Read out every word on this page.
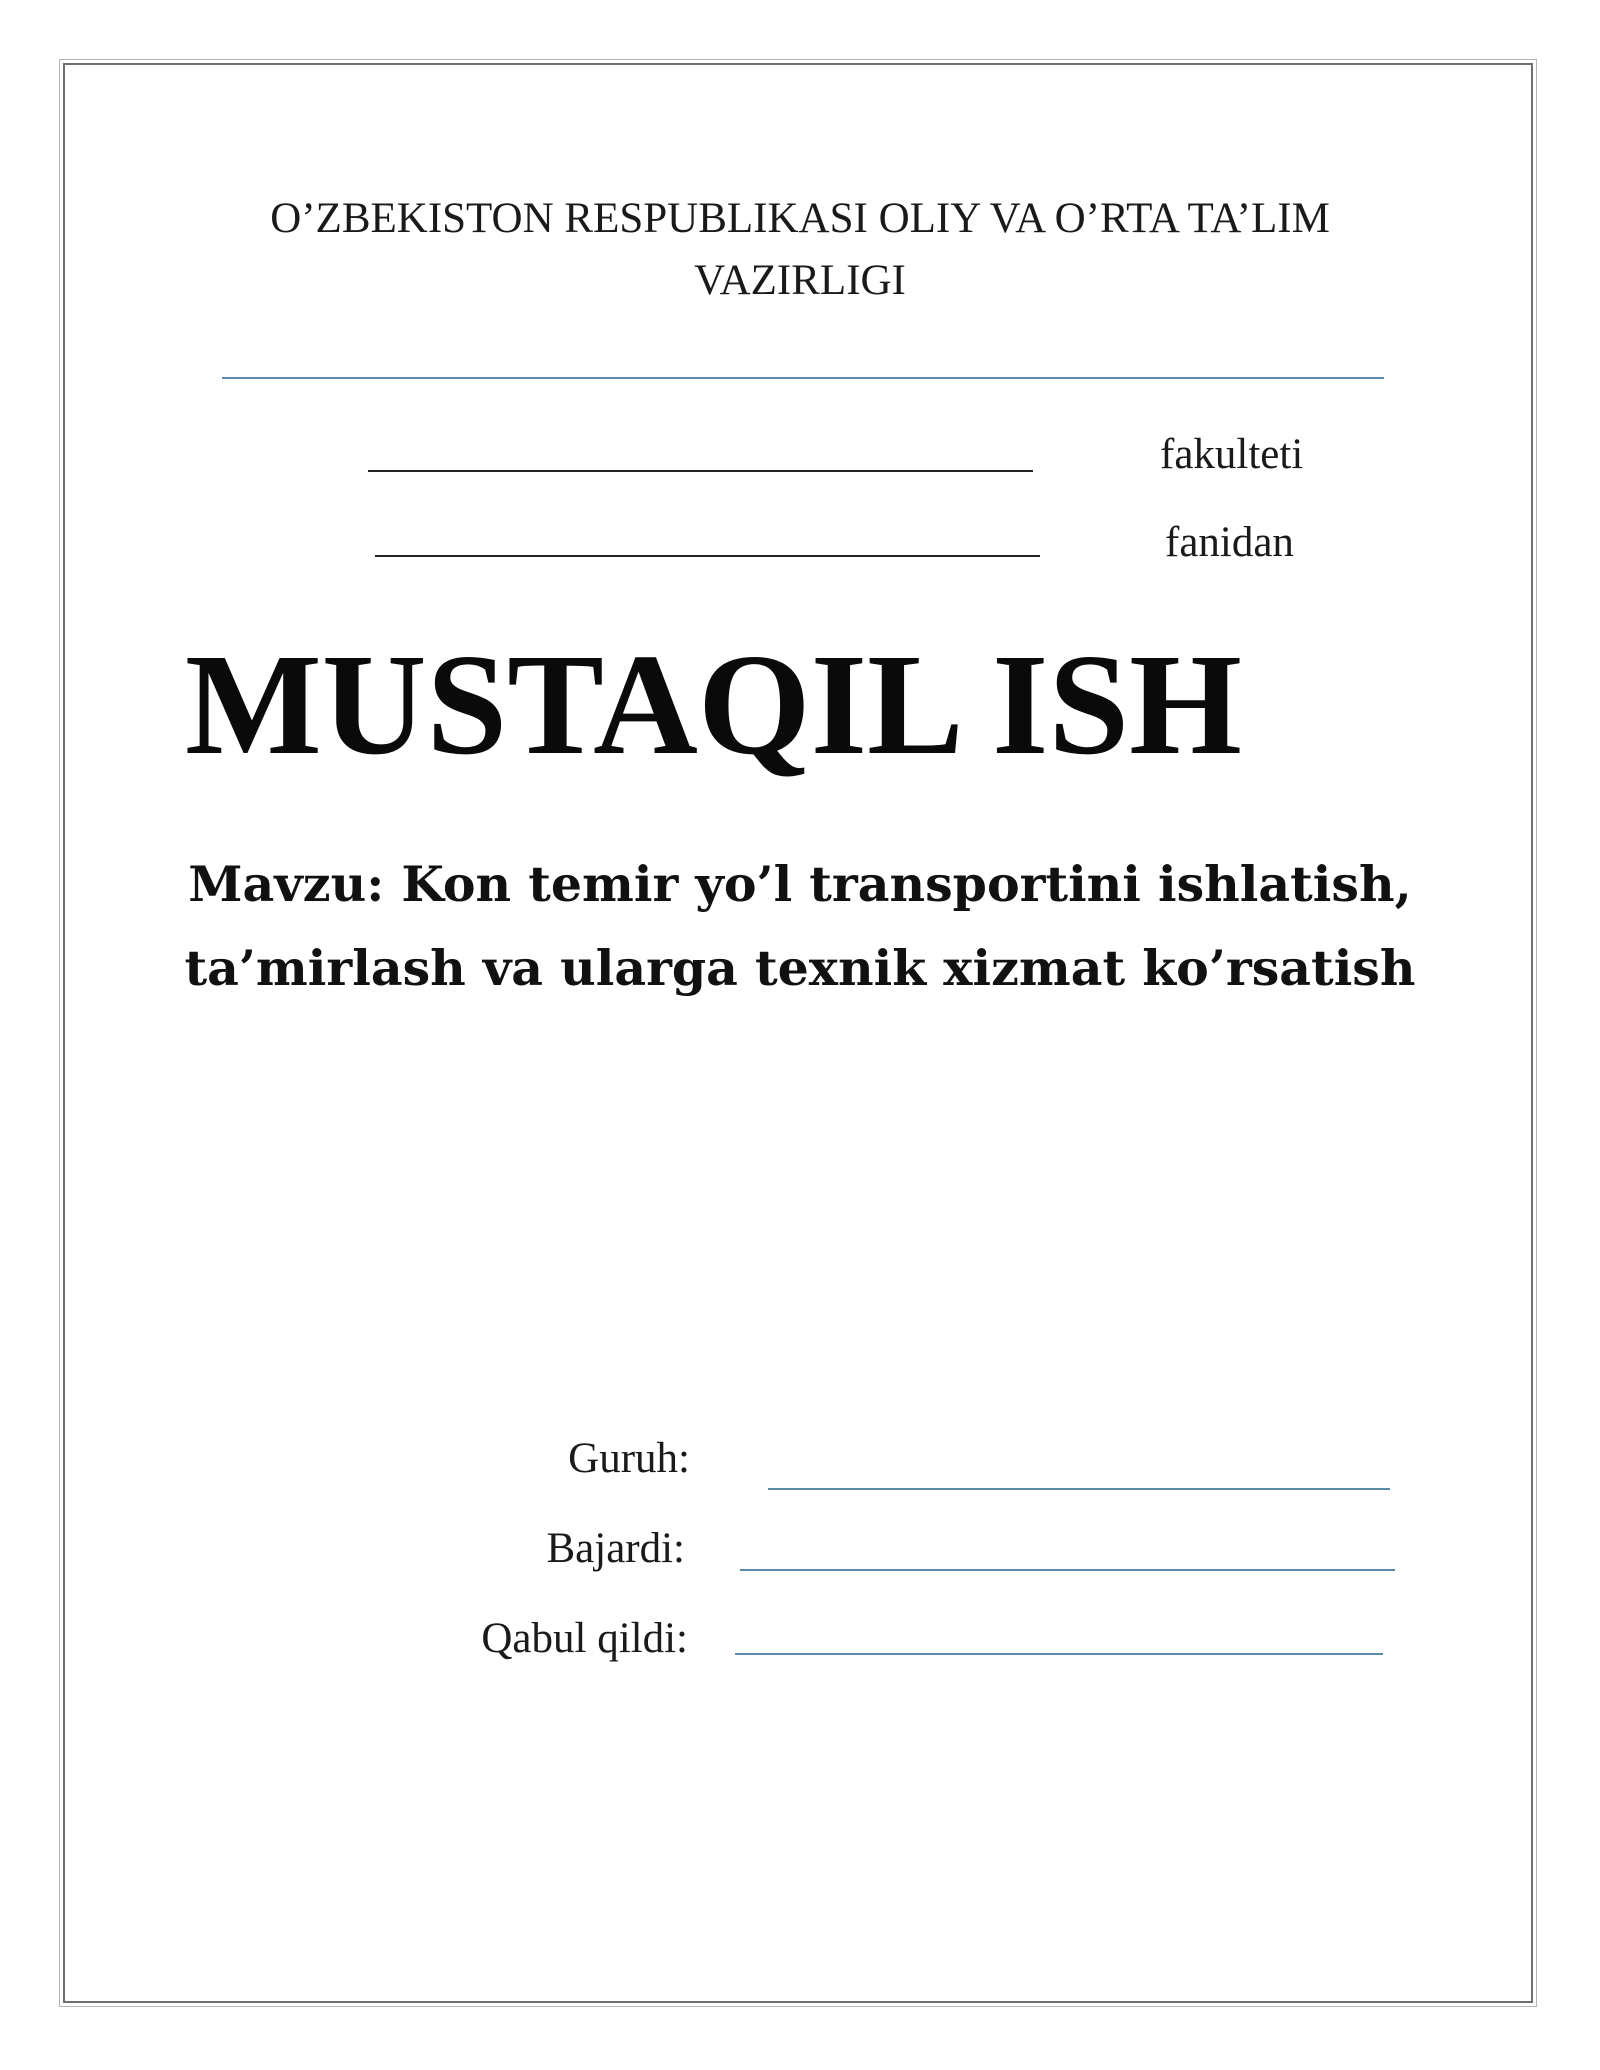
O’ZBEKISTON RESPUBLIKASI OLIY VA O’RTA TA’LIM
VAZIRLIGI
fakulteti
fanidan
MUSTAQIL ISH
Mavzu: Kon temir yo’l transportini ishlatish,
ta’mirlash va ularga texnik xizmat ko’rsatish
Guruh:
Bajardi:
Qabul qildi:
